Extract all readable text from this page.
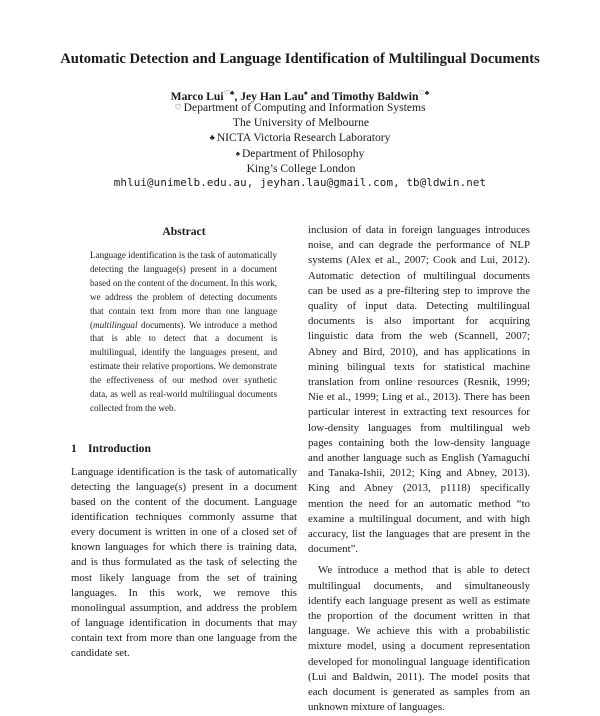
Automatic Detection and Language Identification of Multilingual Documents
Marco Lui♡♣, Jey Han Lau♠ and Timothy Baldwin♡♣
♡ Department of Computing and Information Systems
The University of Melbourne
♣ NICTA Victoria Research Laboratory
♠ Department of Philosophy
King’s College London
mhlui@unimelb.edu.au, jeyhan.lau@gmail.com, tb@ldwin.net
Abstract

Language identification is the task of automatically detecting the language(s) present in a document based on the content of the document. In this work, we address the problem of detecting documents that contain text from more than one language (multilingual documents). We introduce a method that is able to detect that a document is multilingual, identify the languages present, and estimate their relative proportions. We demonstrate the effectiveness of our method over synthetic data, as well as real-world multilingual documents collected from the web.

1 Introduction

Language identification is the task of automatically detecting the language(s) present in a document based on the content of the document. Language identification techniques commonly assume that every document is written in one of a closed set of known languages for which there is training data, and is thus formulated as the task of selecting the most likely language from the set of training languages. In this work, we remove this monolingual assumption, and address the problem of language identification in documents that may contain text from more than one language from the candidate set.

inclusion of data in foreign languages introduces noise, and can degrade the performance of NLP systems (Alex et al., 2007; Cook and Lui, 2012). Automatic detection of multilingual documents can be used as a pre-filtering step to improve the quality of input data. Detecting multilingual documents is also important for acquiring linguistic data from the web (Scannell, 2007; Abney and Bird, 2010), and has applications in mining bilingual texts for statistical machine translation from online resources (Resnik, 1999; Nie et al., 1999; Ling et al., 2013). There has been particular interest in extracting text resources for low-density languages from multilingual web pages containing both the low-density language and another language such as English (Yamaguchi and Tanaka-Ishii, 2012; King and Abney, 2013). King and Abney (2013, p1118) specifically mention the need for an automatic method “to examine a multilingual document, and with high accuracy, list the languages that are present in the document”.

We introduce a method that is able to detect multilingual documents, and simultaneously identify each language present as well as estimate the proportion of the document written in that language. We achieve this with a probabilistic mixture model, using a document representation developed for monolingual language identification (Lui and Baldwin, 2011). The model posits that each document is generated as samples from an unknown mixture of languages.
